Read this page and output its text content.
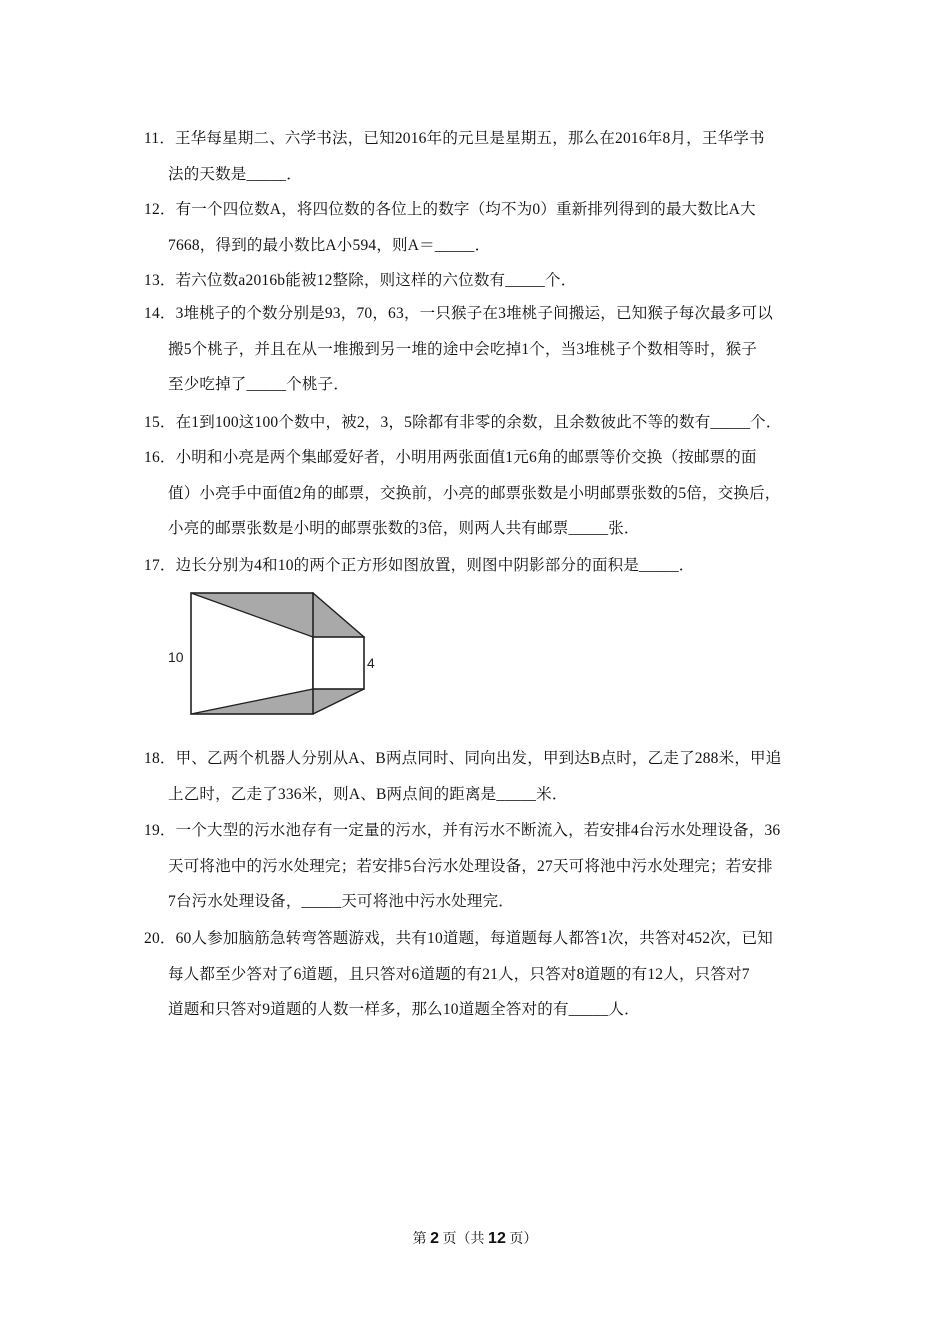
11．王华每星期二、六学书法，已知2016年的元旦是星期五，那么在2016年8月，王华学书
法的天数是_____．
12．有一个四位数A，将四位数的各位上的数字（均不为0）重新排列得到的最大数比A大
7668，得到的最小数比A小594，则A＝_____．
13．若六位数a2016b能被12整除，则这样的六位数有_____个．
14．3堆桃子的个数分别是93，70，63，一只猴子在3堆桃子间搬运，已知猴子每次最多可以
搬5个桃子，并且在从一堆搬到另一堆的途中会吃掉1个，当3堆桃子个数相等时，猴子
至少吃掉了_____个桃子．
15．在1到100这100个数中，被2，3，5除都有非零的余数，且余数彼此不等的数有_____个．
16．小明和小亮是两个集邮爱好者，小明用两张面值1元6角的邮票等价交换（按邮票的面
值）小亮手中面值2角的邮票，交换前，小亮的邮票张数是小明邮票张数的5倍，交换后，
小亮的邮票张数是小明的邮票张数的3倍，则两人共有邮票_____张．
17．边长分别为4和10的两个正方形如图放置，则图中阴影部分的面积是_____．
10	4
18．甲、乙两个机器人分别从A、B两点同时、同向出发，甲到达B点时，乙走了288米，甲追
上乙时，乙走了336米，则A、B两点间的距离是_____米．
19．一个大型的污水池存有一定量的污水，并有污水不断流入，若安排4台污水处理设备，36
天可将池中的污水处理完；若安排5台污水处理设备，27天可将池中污水处理完；若安排
7台污水处理设备，_____天可将池中污水处理完．
20．60人参加脑筋急转弯答题游戏，共有10道题，每道题每人都答1次，共答对452次，已知
每人都至少答对了6道题，且只答对6道题的有21人，只答对8道题的有12人，只答对7
道题和只答对9道题的人数一样多，那么10道题全答对的有_____人．
第 2 页（共 12 页）
